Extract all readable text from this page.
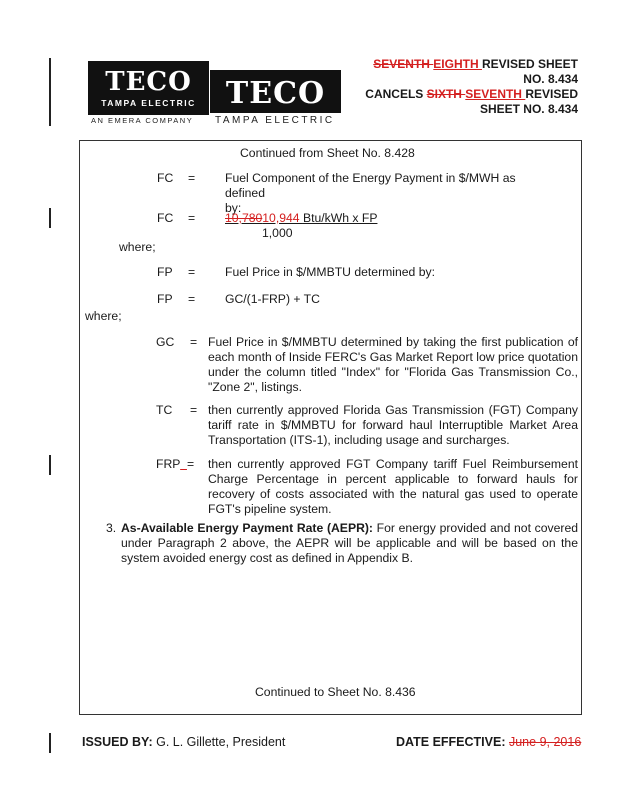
TECO
TAMPA ELECTRIC
AN EMERA COMPANY
TECO
TAMPA ELECTRIC
SEVENTH EIGHTH REVISED SHEET
NO. 8.434
CANCELS SIXTH SEVENTH REVISED
SHEET NO. 8.434
Continued from Sheet No. 8.428
FC = Fuel Component of the Energy Payment in $/MWH as defined
by:
FC = 10,78010,944 Btu/kWh x FP
1,000
where;
FP = Fuel Price in $/MMBTU determined by:
FP = GC/(1-FRP) + TC
where;
GC = Fuel Price in $/MMBTU determined by taking the first publication of each month of Inside FERC's Gas Market Report low price quotation under the column titled "Index" for "Florida Gas Transmission Co., "Zone 2", listings.
TC = then currently approved Florida Gas Transmission (FGT) Company tariff rate in $/MMBTU for forward haul Interruptible Market Area Transportation (ITS-1), including usage and surcharges.
FRP = then currently approved FGT Company tariff Fuel Reimbursement Charge Percentage in percent applicable to forward hauls for recovery of costs associated with the natural gas used to operate FGT's pipeline system.
3. As-Available Energy Payment Rate (AEPR): For energy provided and not covered under Paragraph 2 above, the AEPR will be applicable and will be based on the system avoided energy cost as defined in Appendix B.
Continued to Sheet No. 8.436
ISSUED BY: G. L. Gillette, President	DATE EFFECTIVE: June 9, 2016
